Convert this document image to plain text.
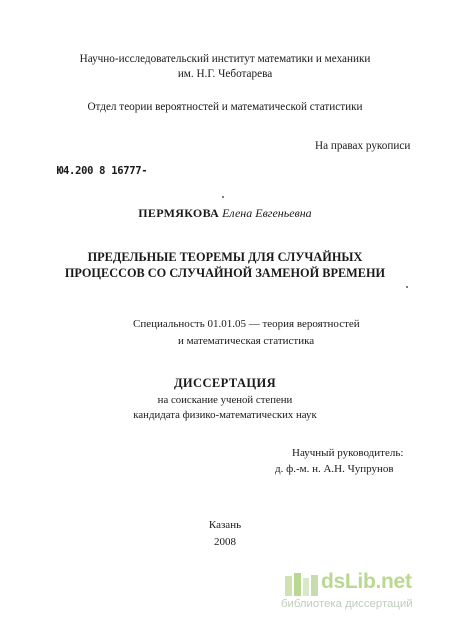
Научно-исследовательский институт математики и механики
им. Н.Г. Чеботарева
Отдел теории вероятностей и математической статистики
На правах рукописи
Ю4.200 8 16777-
ПЕРМЯКОВА Елена Евгеньевна
ПРЕДЕЛЬНЫЕ ТЕОРЕМЫ ДЛЯ СЛУЧАЙНЫХ
ПРОЦЕССОВ СО СЛУЧАЙНОЙ ЗАМЕНОЙ ВРЕМЕНИ
Специальность 01.01.05 — теория вероятностей
и математическая статистика
ДИССЕРТАЦИЯ
на соискание ученой степени
кандидата физико-математических наук
Научный руководитель:
д. ф.-м. н. А.Н. Чупрунов
Казань
2008
dsLib.net
библиотека диссертаций
